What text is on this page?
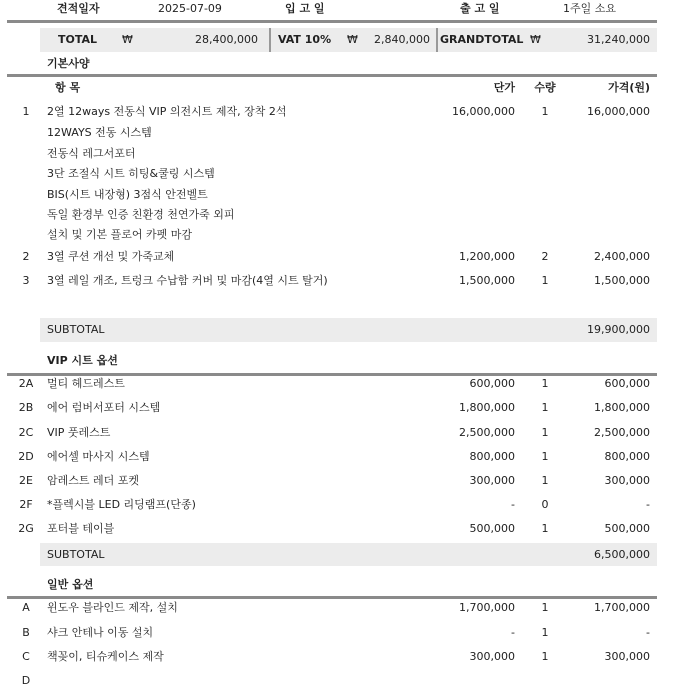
견적일자	2025-07-09	입 고 일	출 고 일	1주일 소요
TOTAL ₩	28,400,000 VAT 10% ₩	2,840,000 GRANDTOTAL ₩	31,240,000
항 목	단가	수량	가격(원)
기본사양
1	2열 12ways 전동식 VIP 의전시트 제작, 장착 2석	16,000,000	1	16,000,000
12WAYS 전동 시스템
전동식 레그서포터
3단 조절식 시트 히팅&쿨링 시스템
BIS(시트 내장형) 3점식 안전벨트
독일 환경부 인증 친환경 천연가죽 외피
설치 및 기본 플로어 카펫 마감
2	3열 쿠션 개선 및 가죽교체	1,200,000	2	2,400,000
3	3열 레일 개조, 트렁크 수납함 커버 및 마감(4열 시트 탈거)	1,500,000	1	1,500,000
SUBTOTAL	19,900,000
VIP 시트 옵션
2A	멀티 헤드레스트	600,000	1	600,000
2B	에어 럼버서포터 시스템	1,800,000	1	1,800,000
2C	VIP 풋레스트	2,500,000	1	2,500,000
2D	에어셀 마사지 시스템	800,000	1	800,000
2E	암레스트 레더 포켓	300,000	1	300,000
2F	*플렉시블 LED 리딩램프(단종)	-	0	-
2G	포터블 테이블	500,000	1	500,000
SUBTOTAL	6,500,000
일반 옵션
A	윈도우 블라인드 제작, 설치	1,700,000	1	1,700,000
B	샤크 안테나 이동 설치	-	1	-
C	책꽂이, 티슈케이스 제작	300,000	1	300,000
D
